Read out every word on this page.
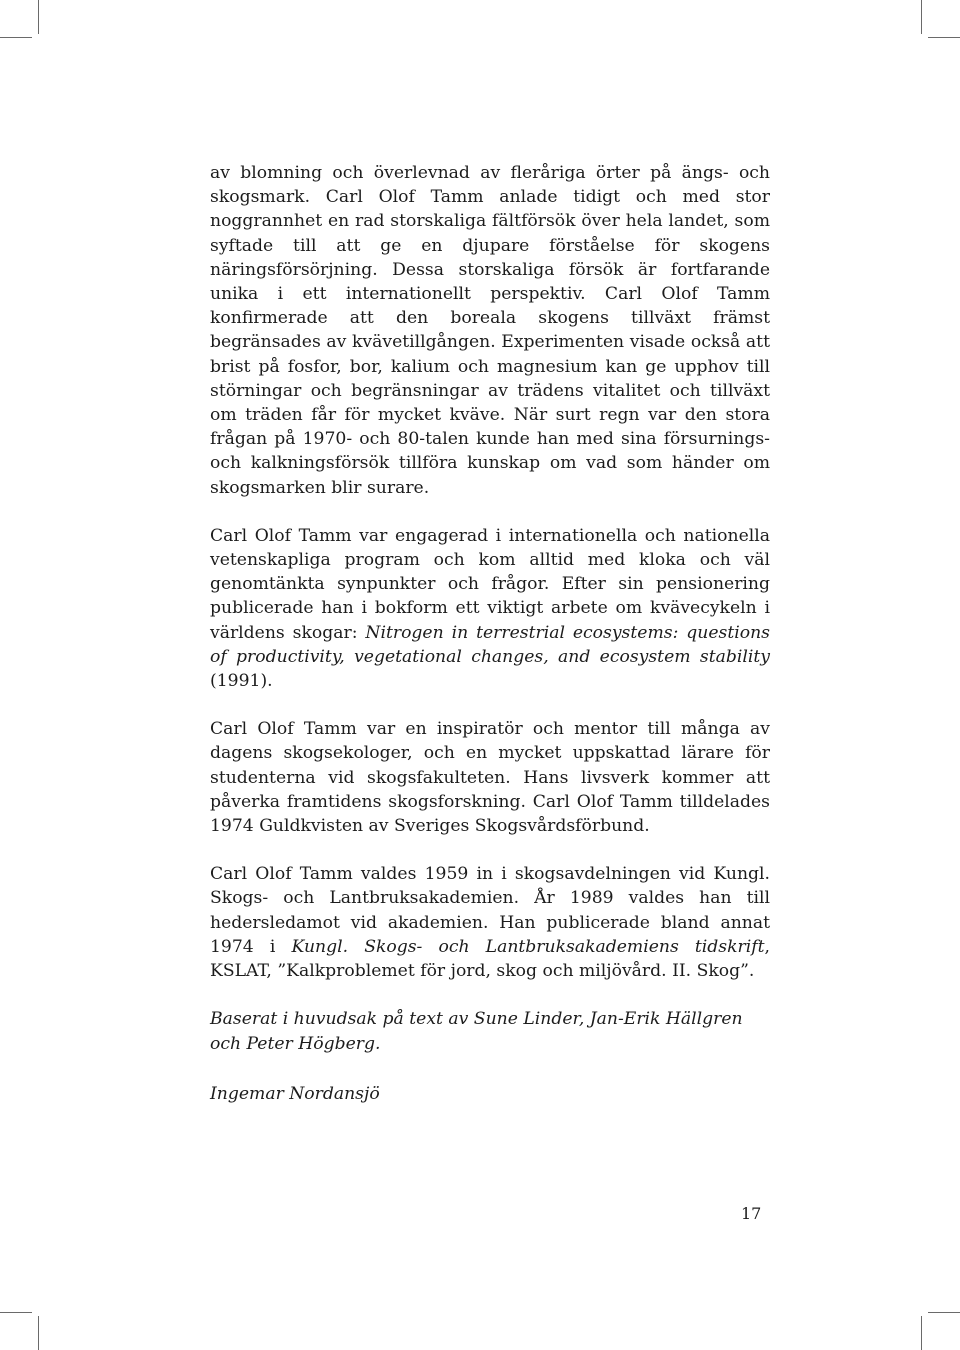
av blomning och överlevnad av fleråriga örter på ängs- och skogsmark. Carl Olof Tamm anlade tidigt och med stor noggrannhet en rad storskaliga fältförsök över hela landet, som syftade till att ge en djupare förståelse för skogens näringsförsörjning. Dessa storskaliga försök är fortfarande unika i ett internationellt perspektiv. Carl Olof Tamm konfirmerade att den boreala skogens tillväxt främst begränsades av kvävetillgången. Experimenten visade också att brist på fosfor, bor, kalium och magnesium kan ge upphov till störningar och begränsningar av trädens vitalitet och tillväxt om träden får för mycket kväve. När surt regn var den stora frågan på 1970- och 80-talen kunde han med sina försurnings- och kalkningsförsök tillföra kunskap om vad som händer om skogsmarken blir surare.

Carl Olof Tamm var engagerad i internationella och nationella vetenskapliga program och kom alltid med kloka och väl genomtänkta synpunkter och frågor. Efter sin pensionering publicerade han i bokform ett viktigt arbete om kvävecykeln i världens skogar: Nitrogen in terrestrial ecosystems: questions of productivity, vegetational changes, and ecosystem stability (1991).

Carl Olof Tamm var en inspiratör och mentor till många av dagens skogsekologer, och en mycket uppskattad lärare för studenterna vid skogsfakulteten. Hans livsverk kommer att påverka framtidens skogsforskning. Carl Olof Tamm tilldelades 1974 Guldkvisten av Sveriges Skogsvårdsförbund.

Carl Olof Tamm valdes 1959 in i skogsavdelningen vid Kungl. Skogs- och Lantbruksakademien. År 1989 valdes han till hedersledamot vid akademien. Han publicerade bland annat 1974 i Kungl. Skogs- och Lantbruksakademiens tidskrift, KSLAT, ”Kalkproblemet för jord, skog och miljövård. II. Skog”.

Baserat i huvudsak på text av Sune Linder, Jan-Erik Hällgren och Peter Högberg.

Ingemar Nordansjö

17
